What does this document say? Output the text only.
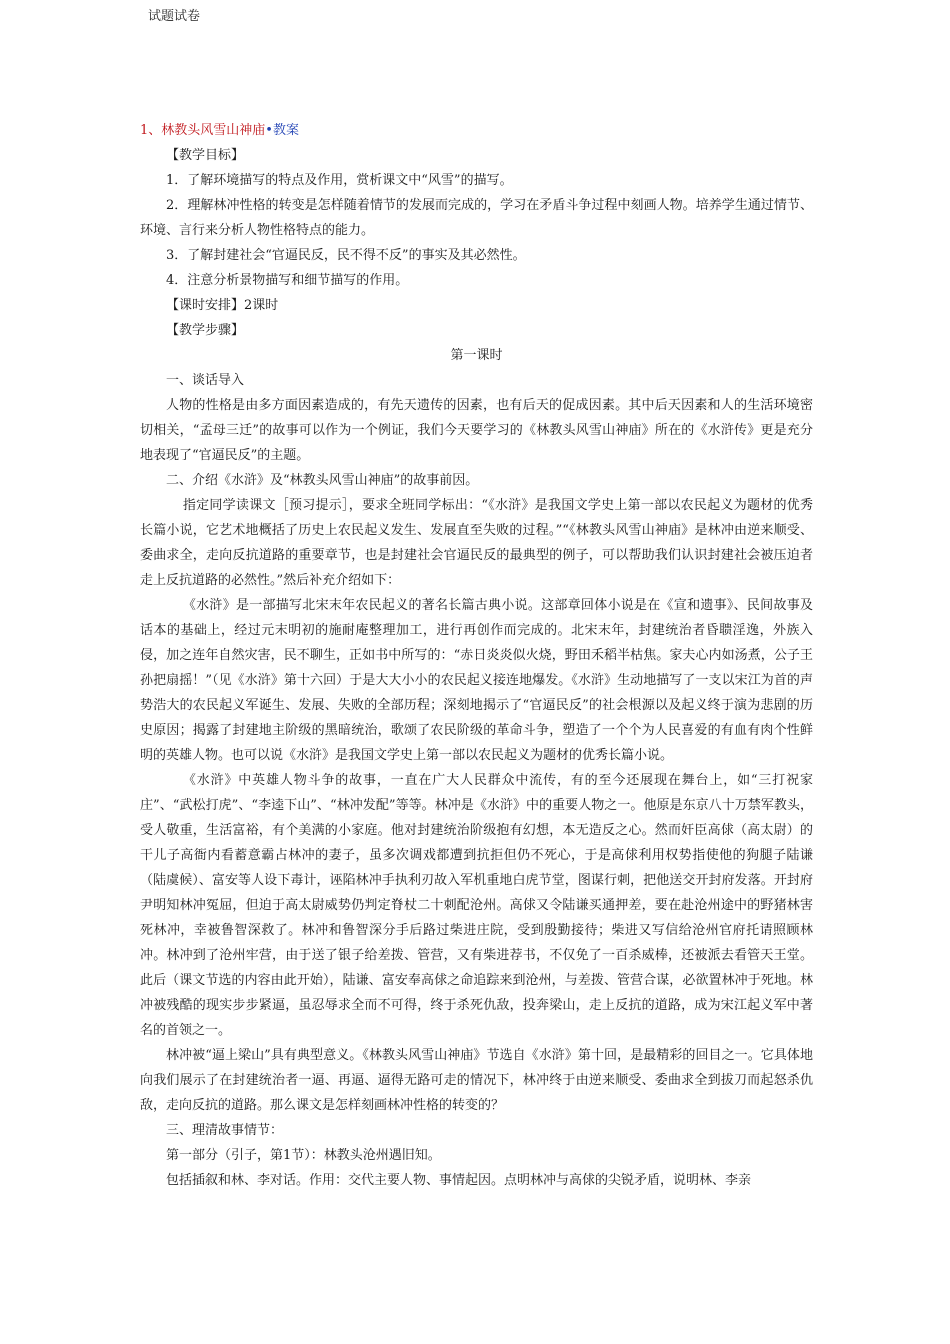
试题试卷

1、林教头风雪山神庙•教案

【教学目标】

1．了解环境描写的特点及作用，赏析课文中“风雪”的描写。

2．理解林冲性格的转变是怎样随着情节的发展而完成的，学习在矛盾斗争过程中刻画人物。培养学生通过情节、环境、言行来分析人物性格特点的能力。

3．了解封建社会“官逼民反，民不得不反”的事实及其必然性。

4．注意分析景物描写和细节描写的作用。

【课时安排】2课时

【教学步骤】

第一课时

一、谈话导入

人物的性格是由多方面因素造成的，有先天遗传的因素，也有后天的促成因素。其中后天因素和人的生活环境密切相关，“孟母三迁”的故事可以作为一个例证，我们今天要学习的《林教头风雪山神庙》所在的《水浒传》更是充分地表现了“官逼民反”的主题。

二、介绍《水浒》及“林教头风雪山神庙”的故事前因。

指定同学读课文［预习提示］，要求全班同学标出：“《水浒》是我国文学史上第一部以农民起义为题材的优秀长篇小说，它艺术地概括了历史上农民起义发生、发展直至失败的过程。”“《林教头风雪山神庙》是林冲由逆来顺受、委曲求全，走向反抗道路的重要章节，也是封建社会官逼民反的最典型的例子，可以帮助我们认识封建社会被压迫者走上反抗道路的必然性。”然后补充介绍如下：

《水浒》是一部描写北宋末年农民起义的著名长篇古典小说。这部章回体小说是在《宣和遗事》、民间故事及话本的基础上，经过元末明初的施耐庵整理加工，进行再创作而完成的。北宋末年，封建统治者昏聩淫逸，外族入侵，加之连年自然灾害，民不聊生，正如书中所写的：“赤日炎炎似火烧，野田禾稻半枯焦。家夫心内如汤煮，公子王孙把扇摇！”（见《水浒》第十六回）于是大大小小的农民起义接连地爆发。《水浒》生动地描写了一支以宋江为首的声势浩大的农民起义军诞生、发展、失败的全部历程；深刻地揭示了“官逼民反”的社会根源以及起义终于演为悲剧的历史原因；揭露了封建地主阶级的黑暗统治，歌颂了农民阶级的革命斗争，塑造了一个个为人民喜爱的有血有肉个性鲜明的英雄人物。也可以说《水浒》是我国文学史上第一部以农民起义为题材的优秀长篇小说。

《水浒》中英雄人物斗争的故事，一直在广大人民群众中流传，有的至今还展现在舞台上，如“三打祝家庄”、“武松打虎”、“李逵下山”、“林冲发配”等等。林冲是《水浒》中的重要人物之一。他原是东京八十万禁军教头，受人敬重，生活富裕，有个美满的小家庭。他对封建统治阶级抱有幻想，本无造反之心。然而奸臣高俅（高太尉）的干儿子高衙内看蓄意霸占林冲的妻子，虽多次调戏都遭到抗拒但仍不死心，于是高俅利用权势指使他的狗腿子陆谦（陆虞候）、富安等人设下毒计，诬陷林冲手执利刃故入军机重地白虎节堂，图谋行刺，把他送交开封府发落。开封府尹明知林冲冤屈，但迫于高太尉威势仍判定脊杖二十刺配沧州。高俅又令陆谦买通押差，要在赴沧州途中的野猪林害死林冲，幸被鲁智深救了。林冲和鲁智深分手后路过柴进庄院，受到殷勤接待；柴进又写信给沧州官府托请照顾林冲。林冲到了沧州牢营，由于送了银子给差拨、管营，又有柴进荐书，不仅免了一百杀威棒，还被派去看管天王堂。此后（课文节选的内容由此开始），陆谦、富安奉高俅之命追踪来到沧州，与差拨、管营合谋，必欲置林冲于死地。林冲被残酷的现实步步紧逼，虽忍辱求全而不可得，终于杀死仇敌，投奔梁山，走上反抗的道路，成为宋江起义军中著名的首领之一。

林冲被“逼上梁山”具有典型意义。《林教头风雪山神庙》节选自《水浒》第十回，是最精彩的回目之一。它具体地向我们展示了在封建统治者一逼、再逼、逼得无路可走的情况下，林冲终于由逆来顺受、委曲求全到拔刀而起怒杀仇敌，走向反抗的道路。那么课文是怎样刻画林冲性格的转变的？

三、理清故事情节：

第一部分（引子，第1节）：林教头沧州遇旧知。

包括插叙和林、李对话。作用：交代主要人物、事情起因。点明林冲与高俅的尖锐矛盾，说明林、李亲
